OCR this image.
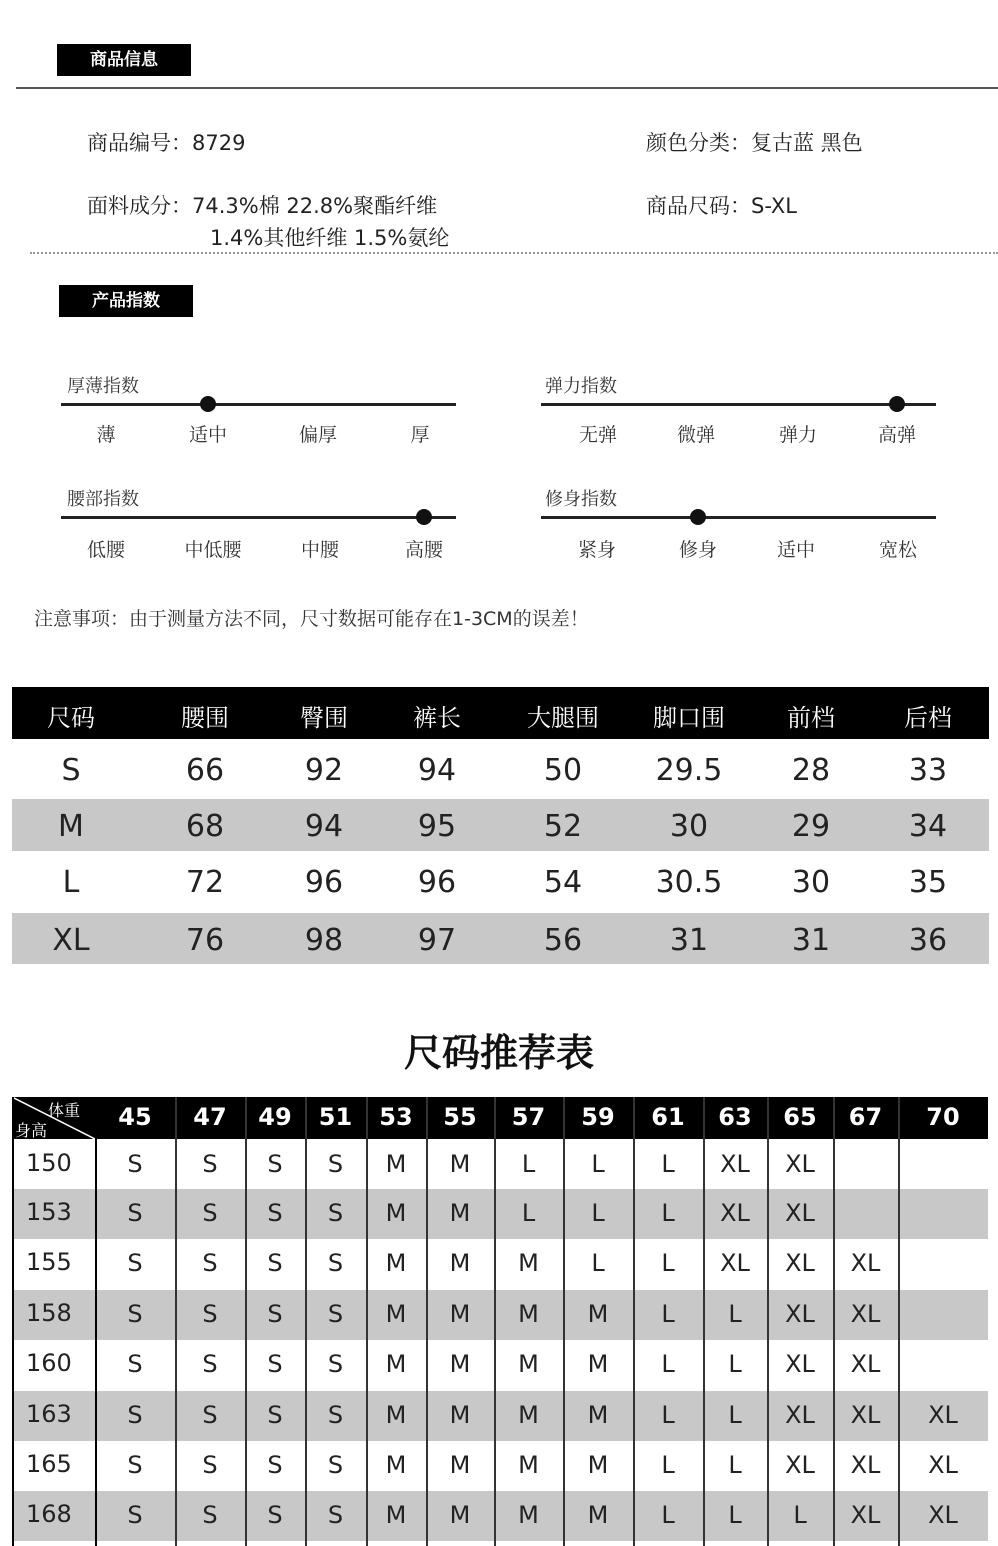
商品信息
商品编号：8729	颜色分类：复古蓝 黑色
面料成分：74.3%棉 22.8%聚酯纤维
1.4%其他纤维 1.5%氨纶
商品尺码：S-XL
产品指数
厚薄指数
薄	适中	偏厚	厚
弹力指数
无弹	微弹	弹力	高弹
腰部指数
低腰	中低腰	中腰	高腰
修身指数
紧身	修身	适中	宽松
注意事项：由于测量方法不同，尺寸数据可能存在1-3CM的误差！
尺码	腰围	臀围	裤长	大腿围	脚口围	前档	后档
S	66	92	94	50	29.5	28	33
M	68	94	95	52	30	29	34
L	72	96	96	54	30.5	30	35
XL	76	98	97	56	31	31	36
尺码推荐表
体重
身高	45	47	49	51	53	55	57	59	61	63	65	67	70
150	S	S	S	S	M	M	L	L	L	XL	XL
153	S	S	S	S	M	M	L	L	L	XL	XL
155	S	S	S	S	M	M	M	L	L	XL	XL	XL
158	S	S	S	S	M	M	M	M	L	L	XL	XL
160	S	S	S	S	M	M	M	M	L	L	XL	XL
163	S	S	S	S	M	M	M	M	L	L	XL	XL	XL
165	S	S	S	S	M	M	M	M	L	L	XL	XL	XL
168	S	S	S	S	M	M	M	M	L	L	L	XL	XL
